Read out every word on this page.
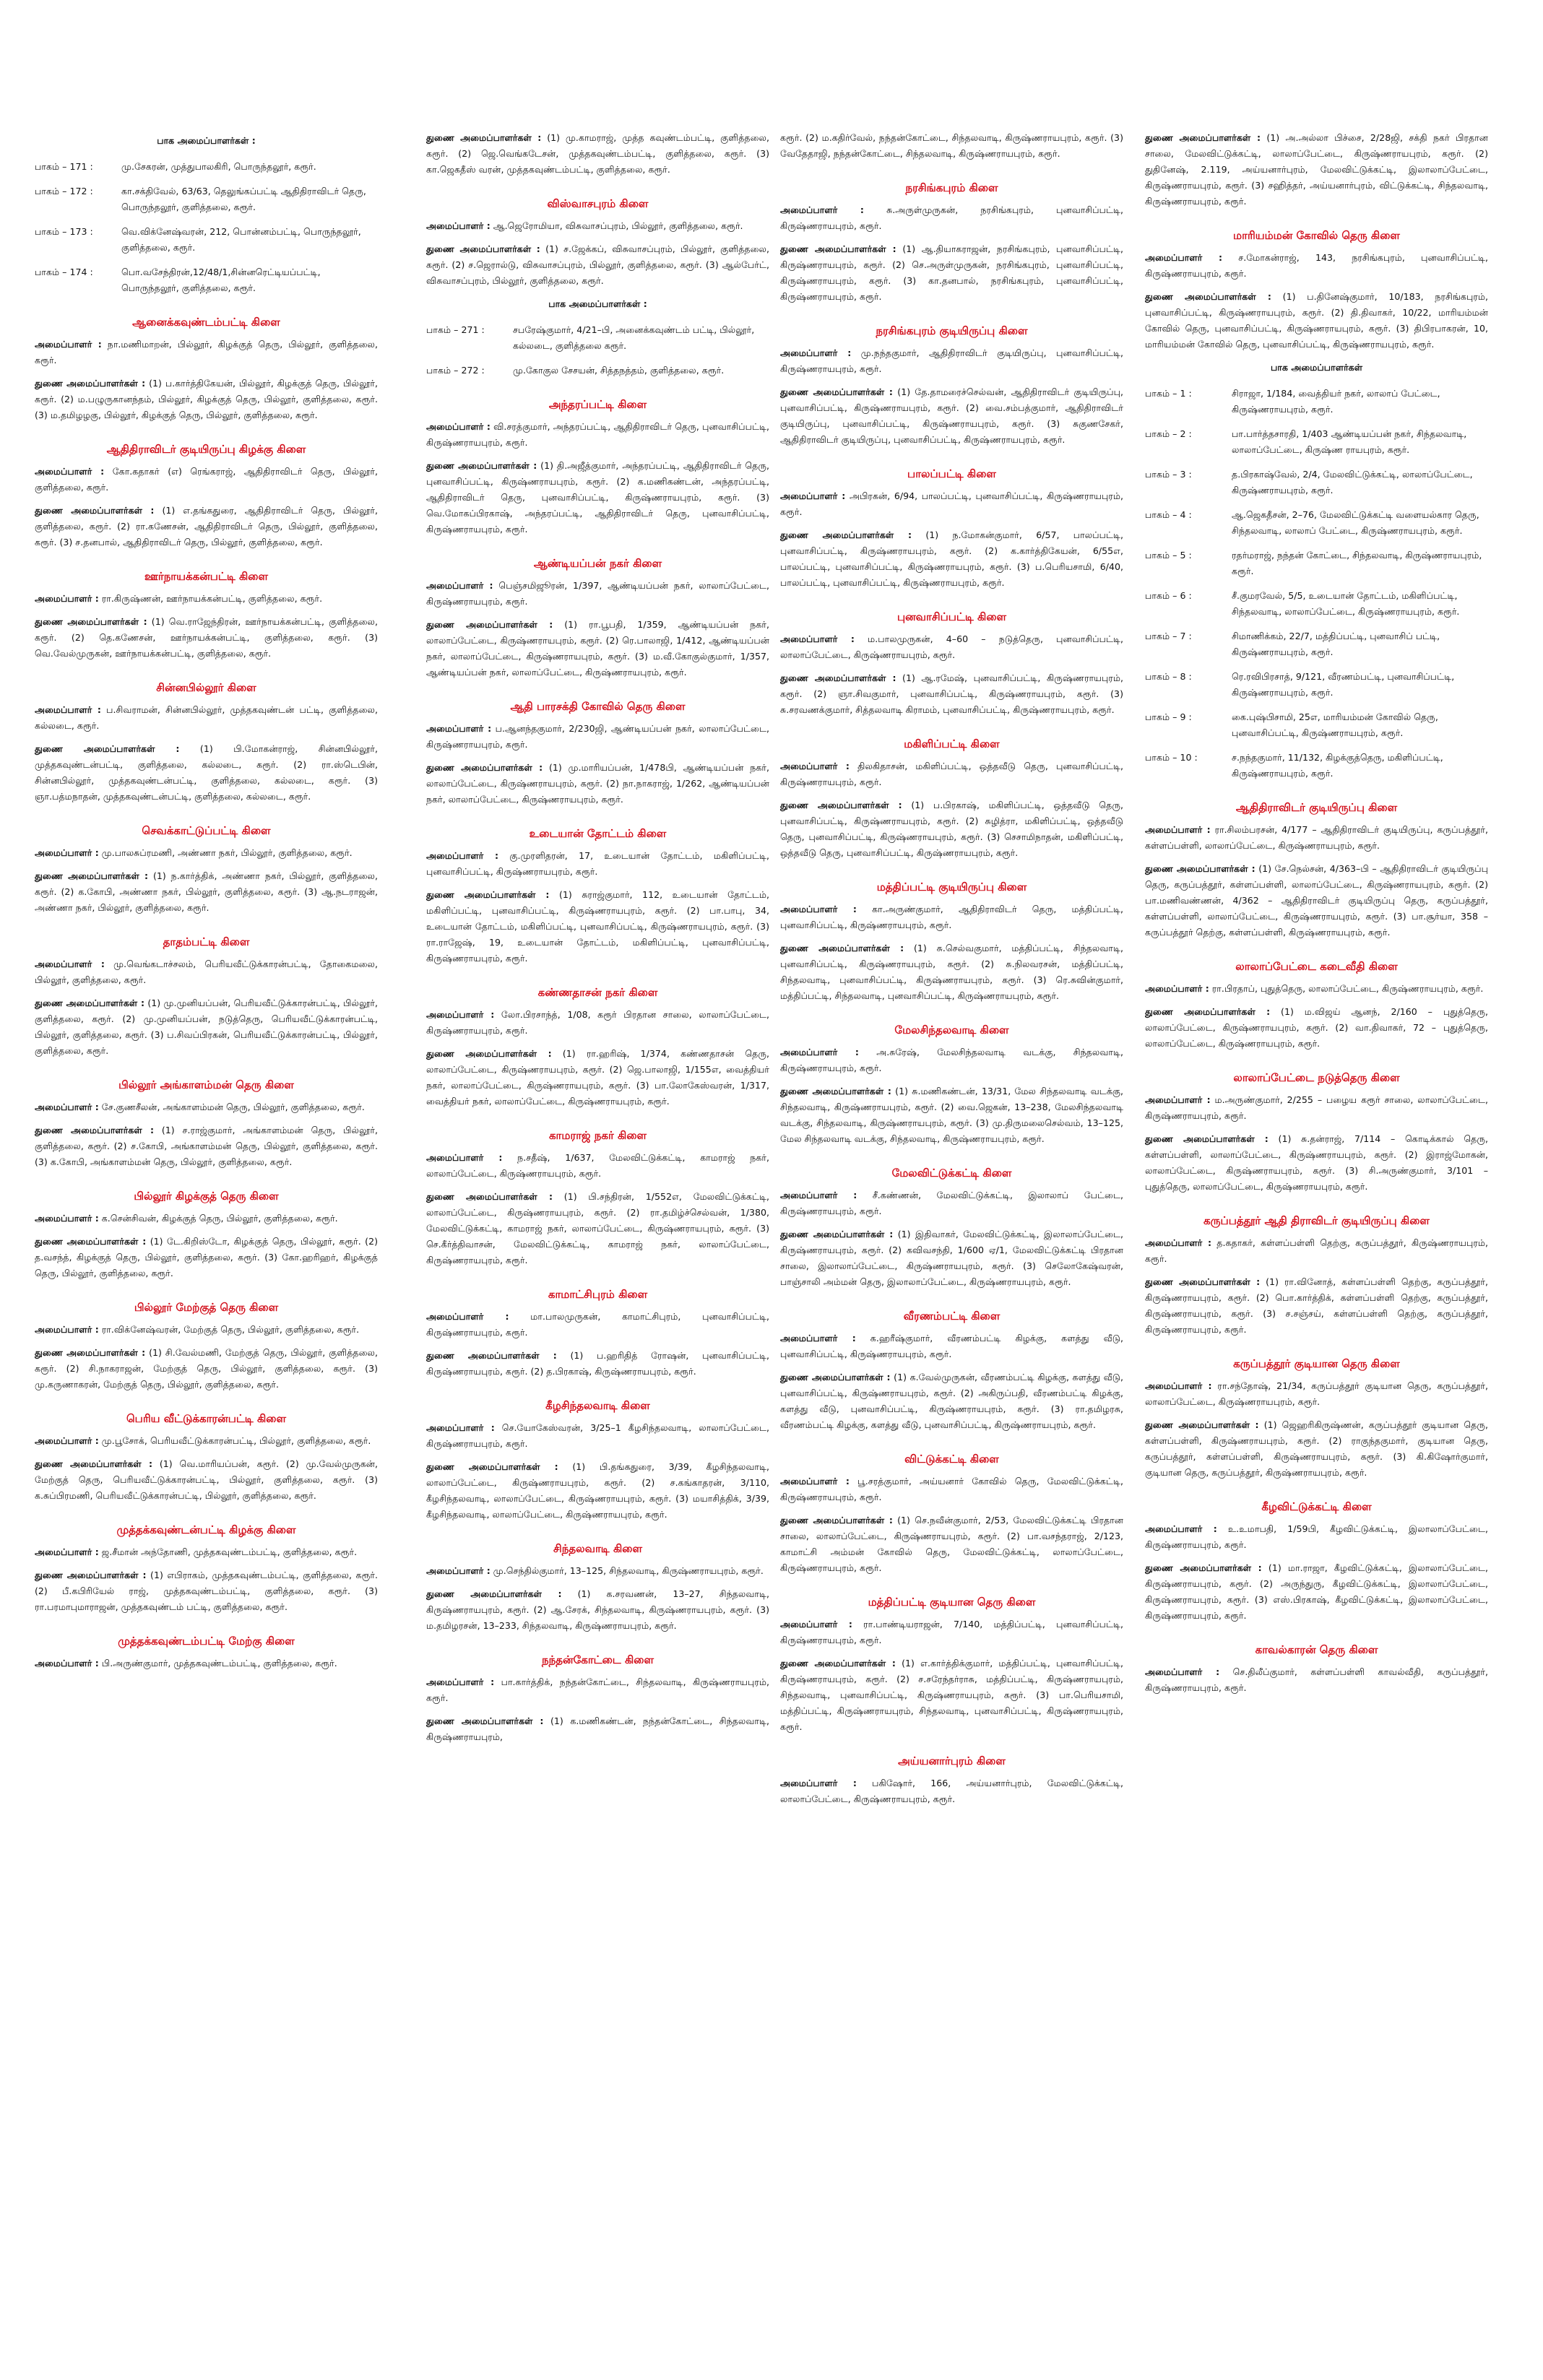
பாக அமைப்பாளர்கள் :
பாகம் – 171 :	மு.சேகரன், முத்துபாலகிரி, பொருந்தலூர், கரூர்.
பாகம் – 172 :	கா.சக்திவேல், 63/63, தெலுங்கப்பட்டி ஆதிதிராவிடர் தெரு, பொருந்தலூர், குளித்தலை, கரூர்.
பாகம் – 173 :	வெ.விக்னேஷ்வரன், 212, பொன்னம்பட்டி, பொருந்தலூர், குளித்தலை, கரூர்.
பாகம் – 174 :	பொ.வசேந்திரன்,12/48/1,சின்னரெட்டியப்பட்டி, பொருந்தலூர், குளித்தலை, கரூர்.
ஆனைக்கவுண்டம்பட்டி கிளை
அமைப்பாளர் : நா.மணிமாறன், பில்லூர், கிழக்குத் தெரு, பில்லூர், குளித்தலை, கரூர்.
துணை அமைப்பாளர்கள் : (1) ப.கார்த்திகேயன், பில்லூர், கிழக்குத் தெரு, பில்லூர், கரூர். (2) ம.பழுருகானந்தம், பில்லூர், கிழக்குத் தெரு, பில்லூர், குளித்தலை, கரூர். (3) ம.தமிழழகு, பில்லூர், கிழக்குத் தெரு, பில்லூர், குளித்தலை, கரூர்.
ஆதிதிராவிடர் குடியிருப்பு கிழக்கு கிளை
அமைப்பாளர் : கோ.கதாகர் (எ) ரெங்கராஜ், ஆதிதிராவிடர் தெரு, பில்லூர், குளித்தலை, கரூர்.
துணை அமைப்பாளர்கள் : (1) எ.தங்கதுரை, ஆதிதிராவிடர் தெரு, பில்லூர், குளித்தலை, கரூர். (2) ரா.கணேசன், ஆதிதிராவிடர் தெரு, பில்லூர், குளித்தலை, கரூர். (3) ச.தனபால், ஆதிதிராவிடர் தெரு, பில்லூர், குளித்தலை, கரூர்.
ஊர்நாயக்கன்பட்டி கிளை
அமைப்பாளர் : ரா.கிருஷ்ணன், ஊர்நாயக்கன்பட்டி, குளித்தலை, கரூர்.
துணை அமைப்பாளர்கள் : (1) வெ.ராஜேந்திரன், ஊர்நாயக்கன்பட்டி, குளித்தலை, கரூர். (2) தெ.கணேசன், ஊர்நாயக்கன்பட்டி, குளித்தலை, கரூர். (3) வெ.வேல்முருகன், ஊர்நாயக்கன்பட்டி, குளித்தலை, கரூர்.
சின்னபில்லூர் கிளை
அமைப்பாளர் : ப.சிவராமன், சின்னபில்லூர், முத்தகவுண்டன் பட்டி, குளித்தலை, கல்லடை, கரூர்.
துணை அமைப்பாளர்கள் : (1) பி.மோகன்ராஜ், சின்னபில்லூர், முத்தகவுண்டன்பட்டி, குளித்தலை, கல்லடை, கரூர். (2) ரா.ஸ்டெபின், சின்னபில்லூர், முத்தகவுண்டன்பட்டி, குளித்தலை, கல்லடை, கரூர். (3) ஞா.பத்மநாதன், முத்தகவுண்டன்பட்டி, குளித்தலை, கல்லடை, கரூர்.
செவக்காட்டுப்பட்டி கிளை
அமைப்பாளர் : மு.பாலசுப்ரமணி, அண்ணா நகர், பில்லூர், குளித்தலை, கரூர்.
துணை அமைப்பாளர்கள் : (1) ந.கார்த்திக், அண்ணா நகர், பில்லூர், குளித்தலை, கரூர். (2) க.கோபி, அண்ணா நகர், பில்லூர், குளித்தலை, கரூர். (3) ஆ.நடராஜன், அண்ணா நகர், பில்லூர், குளித்தலை, கரூர்.
தாதம்பட்டி கிளை
அமைப்பாளர் : மு.வெங்கடாச்சலம், பெரியவீட்டுக்காரன்பட்டி, தோகைமலை, பில்லூர், குளித்தலை, கரூர்.
துணை அமைப்பாளர்கள் : (1) மு.முனியப்பன், பெரியவீட்டுக்காரன்பட்டி, பில்லூர், குளித்தலை, கரூர். (2) மு.முனியப்பன், நடுத்தெரு, பெரியவீட்டுக்காரன்பட்டி, பில்லூர், குளித்தலை, கரூர். (3) ப.சிவப்பிரகன், பெரியவீட்டுக்காரன்பட்டி, பில்லூர், குளித்தலை, கரூர்.
பில்லூர் அங்காளம்மன் தெரு கிளை
அமைப்பாளர் : சே.குணசீலன், அங்காளம்மன் தெரு, பில்லூர், குளித்தலை, கரூர்.
துணை அமைப்பாளர்கள் : (1) ச.ராஜ்குமார், அங்காளம்மன் தெரு, பில்லூர், குளித்தலை, கரூர். (2) ச.கோபி, அங்காளம்மன் தெரு, பில்லூர், குளித்தலை, கரூர். (3) க.கோபி, அங்காளம்மன் தெரு, பில்லூர், குளித்தலை, கரூர்.
பில்லூர் கிழக்குத் தெரு கிளை
அமைப்பாளர் : க.சென்சிவன், கிழக்குத் தெரு, பில்லூர், குளித்தலை, கரூர்.
துணை அமைப்பாளர்கள் : (1) டே.கிறிஸ்டோ, கிழக்குத் தெரு, பில்லூர், கரூர். (2) த.வசந்த், கிழக்குத் தெரு, பில்லூர், குளித்தலை, கரூர். (3) கோ.ஹரிஹர், கிழக்குத் தெரு, பில்லூர், குளித்தலை, கரூர்.
பில்லூர் மேற்குத் தெரு கிளை
அமைப்பாளர் : ரா.விக்னேஷ்வரன், மேற்குத் தெரு, பில்லூர், குளித்தலை, கரூர்.
துணை அமைப்பாளர்கள் : (1) சி.வேல்மணி, மேற்குத் தெரு, பில்லூர், குளித்தலை, கரூர். (2) சி.நாகராஜன், மேற்குத் தெரு, பில்லூர், குளித்தலை, கரூர். (3) மு.கருணாகரன், மேற்குத் தெரு, பில்லூர், குளித்தலை, கரூர்.
பெரிய வீட்டுக்காரன்பட்டி கிளை
அமைப்பாளர் : மு.பூசோக், பெரியவீட்டுக்காரன்பட்டி, பில்லூர், குளித்தலை, கரூர்.
துணை அமைப்பாளர்கள் : (1) வெ.மாரியப்பன், கரூர். (2) மு.வேல்முருகன், மேற்குத் தெரு, பெரியவீட்டுக்காரன்பட்டி, பில்லூர், குளித்தலை, கரூர். (3) க.சுப்பிரமணி, பெரியவீட்டுக்காரன்பட்டி, பில்லூர், குளித்தலை, கரூர்.
முத்தக்கவுண்டன்பட்டி கிழக்கு கிளை
அமைப்பாளர் : ஜ.சீமான் அந்தோணி, முத்தகவுண்டம்பட்டி, குளித்தலை, கரூர்.
துணை அமைப்பாளர்கள் : (1) எபிராகம், முத்தகவுண்டம்பட்டி, குளித்தலை, கரூர். (2) பீ.கபிரியேல் ராஜ், முத்தகவுண்டம்பட்டி, குளித்தலை, கரூர். (3) ரா.பரமாபுமாராஜன், முத்தகவுண்டம் பட்டி, குளித்தலை, கரூர்.
முத்தக்கவுண்டம்பட்டி மேற்கு கிளை
அமைப்பாளர் : பி.அருண்குமார், முத்தகவுண்டம்பட்டி, குளித்தலை, கரூர்.
துணை அமைப்பாளர்கள் : (1) மு.காமராஜ், முத்த கவுண்டம்பட்டி, குளித்தலை, கரூர். (2) ஜெ.வெங்கடேசன், முத்தகவுண்டம்பட்டி, குளித்தலை, கரூர். (3) கா.ஜெகதீஸ் வரன், முத்தகவுண்டம்பட்டி, குளித்தலை, கரூர்.
விஸ்வாசபுரம் கிளை
அமைப்பாளர் : ஆ.ஜெரோமியா, விசுவாசப்புரம், பில்லூர், குளித்தலை, கரூர்.
துணை அமைப்பாளர்கள் : (1) ச.ஜேக்கப், விசுவாசப்புரம், பில்லூர், குளித்தலை, கரூர். (2) ச.ஜெரால்டு, விசுவாசப்புரம், பில்லூர், குளித்தலை, கரூர். (3) ஆல்பேர்ட், விசுவாசப்புரம், பில்லூர், குளித்தலை, கரூர்.
பாக அமைப்பாளர்கள் :
பாகம் – 271 :	சபரேஷ்குமார், 4/21–பி, அனைக்கவுண்டம் பட்டி, பில்லூர், கல்லடை, குளித்தலை கரூர்.
பாகம் – 272 :	மு.கோகுல சேசயன், சித்தநத்தம், குளித்தலை, கரூர்.
அந்தரப்பட்டி கிளை
அமைப்பாளர் : வி.சரத்குமார், அந்தரப்பட்டி, ஆதிதிராவிடர் தெரு, புனவாசிப்பட்டி, கிருஷ்ணராயபுரம், கரூர்.
துணை அமைப்பாளர்கள் : (1) தி.அஜீத்குமார், அந்தரப்பட்டி, ஆதிதிராவிடர் தெரு, புனவாசிப்பட்டி, கிருஷ்ணராயபுரம், கரூர். (2) க.மணிகண்டன், அந்தரப்பட்டி, ஆதிதிராவிடர் தெரு, புனவாசிப்பட்டி, கிருஷ்ணராயபுரம், கரூர். (3) வெ.மோகப்பிரகாஷ், அந்தரப்பட்டி, ஆதிதிராவிடர் தெரு, புனவாசிப்பட்டி, கிருஷ்ணராயபுரம், கரூர்.
ஆண்டியப்பன் நகர் கிளை
அமைப்பாளர் : பெஞ்சமிஜூரன், 1/397, ஆண்டியப்பன் நகர், லாலாப்பேட்டை, கிருஷ்ணராயபுரம், கரூர்.
துணை அமைப்பாளர்கள் : (1) ரா.பூபதி, 1/359, ஆண்டியப்பன் நகர், லாலாப்பேட்டை, கிருஷ்ணராயபுரம், கரூர். (2) ரெ.பாலாஜி, 1/412, ஆண்டியப்பன் நகர், லாலாப்பேட்டை, கிருஷ்ணராயபுரம், கரூர். (3) ம.வீ.கோகுல்குமார், 1/357, ஆண்டியப்பன் நகர், லாலாப்பேட்டை, கிருஷ்ணராயபுரம், கரூர்.
ஆதி பாரசக்தி கோவில் தெரு கிளை
அமைப்பாளர் : ப.ஆனந்தகுமார், 2/230ஜி, ஆண்டியப்பன் நகர், லாலாப்பேட்டை, கிருஷ்ணராயபுரம், கரூர்.
துணை அமைப்பாளர்கள் : (1) மு.மாரியப்பன், 1/478பி, ஆண்டியப்பன் நகர், லாலாப்பேட்டை, கிருஷ்ணராயபுரம், கரூர். (2) நா.நாகராஜ், 1/262, ஆண்டியப்பன் நகர், லாலாப்பேட்டை, கிருஷ்ணராயபுரம், கரூர்.
உடையான் தோட்டம் கிளை
அமைப்பாளர் : கு.முரளிதரன், 17, உடையான் தோட்டம், மகிளிப்பட்டி, புனவாசிப்பட்டி, கிருஷ்ணராயபுரம், கரூர்.
துணை அமைப்பாளர்கள் : (1) சுராஜ்குமார், 112, உடையான் தோட்டம், மகிளிப்பட்டி, புனவாசிப்பட்டி, கிருஷ்ணராயபுரம், கரூர். (2) பா.பாபு, 34, உடையான் தோட்டம், மகிளிப்பட்டி, புனவாசிப்பட்டி, கிருஷ்ணராயபுரம், கரூர். (3) ரா.ராஜேஷ், 19, உடையான் தோட்டம், மகிளிப்பட்டி, புனவாசிப்பட்டி, கிருஷ்ணராயபுரம், கரூர்.
கண்ணதாசன் நகர் கிளை
அமைப்பாளர் : லோ.பிரசாந்த், 1/08, கரூர் பிரதான சாலை, லாலாப்பேட்டை, கிருஷ்ணராயபுரம், கரூர்.
துணை அமைப்பாளர்கள் : (1) ரா.ஹரிஷ், 1/374, கண்ணதாசன் தெரு, லாலாப்பேட்டை, கிருஷ்ணராயபுரம், கரூர். (2) ஜெ.பாலாஜி, 1/155எ, வைத்தியர் நகர், லாலாப்பேட்டை, கிருஷ்ணராயபுரம், கரூர். (3) பா.லோகேஸ்வரன், 1/317, வைத்தியர் நகர், லாலாப்பேட்டை, கிருஷ்ணராயபுரம், கரூர்.
காமராஜ் நகர் கிளை
அமைப்பாளர் : ந.சதீஷ், 1/637, மேலவிட்டுக்கட்டி, காமராஜ் நகர், லாலாப்பேட்டை, கிருஷ்ணராயபுரம், கரூர்.
துணை அமைப்பாளர்கள் : (1) பி.சந்திரன், 1/552எ, மேலவிட்டுக்கட்டி, லாலாப்பேட்டை, கிருஷ்ணராயபுரம், கரூர். (2) ரா.தமிழ்ச்செல்வன், 1/380, மேலவிட்டுக்கட்டி, காமராஜ் நகர், லாலாப்பேட்டை, கிருஷ்ணராயபுரம், கரூர். (3) செ.கீர்த்திவாசன், மேலவிட்டுக்கட்டி, காமராஜ் நகர், லாலாப்பேட்டை, கிருஷ்ணராயபுரம், கரூர்.
காமாட்சிபுரம் கிளை
அமைப்பாளர் : மா.பாலமுருகன், காமாட்சிபுரம், புனவாசிப்பட்டி, கிருஷ்ணராயபுரம், கரூர்.
துணை அமைப்பாளர்கள் : (1) ப.ஹரிதித் ரோஷன், புனவாசிப்பட்டி, கிருஷ்ணராயபுரம், கரூர். (2) த.பிரகாஷ், கிருஷ்ணராயபுரம், கரூர்.
கீழசிந்தலவாடி கிளை
அமைப்பாளர் : செ.யோகேஸ்வரன், 3/25–1 கீழசிந்தலவாடி, லாலாப்பேட்டை, கிருஷ்ணராயபுரம், கரூர்.
துணை அமைப்பாளர்கள் : (1) பி.தங்கதுரை, 3/39, கீழசிந்தலவாடி, லாலாப்பேட்டை, கிருஷ்ணராயபுரம், கரூர். (2) ச.கங்காதரன், 3/110, கீழசிந்தலவாடி, லாலாப்பேட்டை, கிருஷ்ணராயபுரம், கரூர். (3) மயாசித்திக், 3/39, கீழசிந்தலவாடி, லாலாப்பேட்டை, கிருஷ்ணராயபுரம், கரூர்.
சிந்தலவாடி கிளை
அமைப்பாளர் : மு.செந்தில்குமார், 13–125, சிந்தலவாடி, கிருஷ்ணராயபுரம், கரூர்.
துணை அமைப்பாளர்கள் : (1) க.சரவணன், 13–27, சிந்தலவாடி, கிருஷ்ணராயபுரம், கரூர். (2) ஆ.சேரக், சிந்தலவாடி, கிருஷ்ணராயபுரம், கரூர். (3) ம.தமிழரசன், 13–233, சிந்தலவாடி, கிருஷ்ணராயபுரம், கரூர்.
நந்தன்கோட்டை கிளை
அமைப்பாளர் : பா.கார்த்திக், நந்தன்கோட்டை, சிந்தலவாடி, கிருஷ்ணராயபுரம், கரூர்.
துணை அமைப்பாளர்கள் : (1) க.மணிகண்டன், நந்தன்கோட்டை, சிந்தலவாடி, கிருஷ்ணராயபுரம்,
கரூர். (2) ம.கதிர்வேல், நந்தன்கோட்டை, சிந்தலவாடி, கிருஷ்ணராயபுரம், கரூர். (3) வேதேதாஜி, நந்தன்கோட்டை, சிந்தலவாடி, கிருஷ்ணராயபுரம், கரூர்.
நரசிங்கபுரம் கிளை
அமைப்பாளர் : சு.அருள்முருகன், நரசிங்கபுரம், புனவாசிப்பட்டி, கிருஷ்ணராயபுரம், கரூர்.
துணை அமைப்பாளர்கள் : (1) ஆ.தியாகராஜன், நரசிங்கபுரம், புனவாசிப்பட்டி, கிருஷ்ணராயபுரம், கரூர். (2) செ.அருள்முருகன், நரசிங்கபுரம், புனவாசிப்பட்டி, கிருஷ்ணராயபுரம், கரூர். (3) கா.தனபால், நரசிங்கபுரம், புனவாசிப்பட்டி, கிருஷ்ணராயபுரம், கரூர்.
நரசிங்கபுரம் குடியிருப்பு கிளை
அமைப்பாளர் : மு.நந்தகுமார், ஆதிதிராவிடர் குடியிருப்பு, புனவாசிப்பட்டி, கிருஷ்ணராயபுரம், கரூர்.
துணை அமைப்பாளர்கள் : (1) தே.தாமரைச்செல்வன், ஆதிதிராவிடர் குடியிருப்பு, புனவாசிப்பட்டி, கிருஷ்ணராயபுரம், கரூர். (2) வை.சம்பத்குமார், ஆதிதிராவிடர் குடியிருப்பு, புனவாசிப்பட்டி, கிருஷ்ணராயபுரம், கரூர். (3) சுகுணசேகர், ஆதிதிராவிடர் குடியிருப்பு, புனவாசிப்பட்டி, கிருஷ்ணராயபுரம், கரூர்.
பாலப்பட்டி கிளை
அமைப்பாளர் : அபிரகன், 6/94, பாலப்பட்டி, புனவாசிப்பட்டி, கிருஷ்ணராயபுரம், கரூர்.
துணை அமைப்பாளர்கள் : (1) ந.மோகன்குமார், 6/57, பாலப்பட்டி, புனவாசிப்பட்டி, கிருஷ்ணராயபுரம், கரூர். (2) க.கார்த்திகேயன், 6/55எ, பாலப்பட்டி, புனவாசிப்பட்டி, கிருஷ்ணராயபுரம், கரூர். (3) ப.பெரியசாமி, 6/40, பாலப்பட்டி, புனவாசிப்பட்டி, கிருஷ்ணராயபுரம், கரூர்.
புனவாசிப்பட்டி கிளை
அமைப்பாளர் : ம.பாலமுருகன், 4–60 – நடுத்தெரு, புனவாசிப்பட்டி, லாலாப்பேட்டை, கிருஷ்ணராயபுரம், கரூர்.
துணை அமைப்பாளர்கள் : (1) ஆ.ரமேஷ், புனவாசிப்பட்டி, கிருஷ்ணராயபுரம், கரூர். (2) ஞா.சிவகுமார், புனவாசிப்பட்டி, கிருஷ்ணராயபுரம், கரூர். (3) சு.சரவணக்குமார், சித்தலவாடி கிராமம், புனவாசிப்பட்டி, கிருஷ்ணராயபுரம், கரூர்.
மகிளிப்பட்டி கிளை
அமைப்பாளர் : திலகிதாசன், மகிளிப்பட்டி, ஒத்தவீடு தெரு, புனவாசிப்பட்டி, கிருஷ்ணராயபுரம், கரூர்.
துணை அமைப்பாளர்கள் : (1) ப.பிரகாஷ், மகிளிப்பட்டி, ஒத்தவீடு தெரு, புனவாசிப்பட்டி, கிருஷ்ணராயபுரம், கரூர். (2) சுழித்ரா, மகிளிப்பட்டி, ஒத்தவீடு தெரு, புனவாசிப்பட்டி, கிருஷ்ணராயபுரம், கரூர். (3) செசாமிநாதன், மகிளிப்பட்டி, ஒத்தவீடு தெரு, புனவாசிப்பட்டி, கிருஷ்ணராயபுரம், கரூர்.
மத்திப்பட்டி குடியிருப்பு கிளை
அமைப்பாளர் : கா.அருண்குமார், ஆதிதிராவிடர் தெரு, மத்திப்பட்டி, புனவாசிப்பட்டி, கிருஷ்ணராயபுரம், கரூர்.
துணை அமைப்பாளர்கள் : (1) சு.செல்வகுமார், மத்திப்பட்டி, சிந்தலவாடி, புனவாசிப்பட்டி, கிருஷ்ணராயபுரம், கரூர். (2) சு.நிலவரசன், மத்திப்பட்டி, சிந்தலவாடி, புனவாசிப்பட்டி, கிருஷ்ணராயபுரம், கரூர். (3) ரெ.சுவின்குமார், மத்திப்பட்டி, சிந்தலவாடி, புனவாசிப்பட்டி, கிருஷ்ணராயபுரம், கரூர்.
மேலசிந்தலவாடி கிளை
அமைப்பாளர் : அ.சுரேஷ், மேலசிந்தலவாடி வடக்கு, சிந்தலவாடி, கிருஷ்ணராயபுரம், கரூர்.
துணை அமைப்பாளர்கள் : (1) சு.மணிகண்டன், 13/31, மேல சிந்தலவாடி வடக்கு, சிந்தலவாடி, கிருஷ்ணராயபுரம், கரூர். (2) வை.ஜெகன், 13–238, மேலசிந்தலவாடி வடக்கு, சிந்தலவாடி, கிருஷ்ணராயபுரம், கரூர். (3) மு.திருமலைசெல்வம், 13–125, மேல சிந்தலவாடி வடக்கு, சிந்தலவாடி, கிருஷ்ணராயபுரம், கரூர்.
மேலவிட்டுக்கட்டி கிளை
அமைப்பாளர் : சீ.கண்ணன், மேலவிட்டுக்கட்டி, இலாலாப் பேட்டை, கிருஷ்ணராயபுரம், கரூர்.
துணை அமைப்பாளர்கள் : (1) இதிவாகர், மேலவிட்டுக்கட்டி, இலாலாப்பேட்டை, கிருஷ்ணராயபுரம், கரூர். (2) கவிவசந்தி, 1/600 ஏ/1, மேலவிட்டுக்கட்டி பிரதான சாலை, இலாலாப்பேட்டை, கிருஷ்ணராயபுரம், கரூர். (3) செலோகேஷ்வரன், பாஞ்சாலி அம்மன் தெரு, இலாலாப்பேட்டை, கிருஷ்ணராயபுரம், கரூர்.
வீரணம்பட்டி கிளை
அமைப்பாளர் : க.ஹரீஷ்குமார், வீரணம்பட்டி கிழக்கு, களத்து வீடு, புனவாசிப்பட்டி, கிருஷ்ணராயபுரம், கரூர்.
துணை அமைப்பாளர்கள் : (1) க.வேல்முருகன், வீரணம்பட்டி கிழக்கு, களத்து வீடு, புனவாசிப்பட்டி, கிருஷ்ணராயபுரம், கரூர். (2) அகிருப்பதி, வீரணம்பட்டி கிழக்கு, களத்து வீடு, புனவாசிப்பட்டி, கிருஷ்ணராயபுரம், கரூர். (3) ரா.தமிழரசு, வீரணம்பட்டி கிழக்கு, களத்து வீடு, புனவாசிப்பட்டி, கிருஷ்ணராயபுரம், கரூர்.
விட்டுக்கட்டி கிளை
அமைப்பாளர் : பூ.சரத்குமார், அய்யனார் கோவில் தெரு, மேலவிட்டுக்கட்டி, கிருஷ்ணராயபுரம், கரூர்.
துணை அமைப்பாளர்கள் : (1) செ.நவீன்குமார், 2/53, மேலவிட்டுக்கட்டி பிரதான சாலை, லாலாப்பேட்டை, கிருஷ்ணராயபுரம், கரூர். (2) பா.வசந்தராஜ், 2/123, காமாட்சி அம்மன் கோவில் தெரு, மேலவிட்டுக்கட்டி, லாலாப்பேட்டை, கிருஷ்ணராயபுரம், கரூர்.
மத்திப்பட்டி குடியான தெரு கிளை
அமைப்பாளர் : ரா.பாண்டியராஜன், 7/140, மத்திப்பட்டி, புனவாசிப்பட்டி, கிருஷ்ணராயபுரம், கரூர்.
துணை அமைப்பாளர்கள் : (1) எ.கார்த்திக்குமார், மத்திப்பட்டி, புனவாசிப்பட்டி, கிருஷ்ணராயபுரம், கரூர். (2) ச.சரேந்தர்ராசு, மத்திப்பட்டி, கிருஷ்ணராயபுரம், சிந்தலவாடி, புனவாசிப்பட்டி, கிருஷ்ணராயபுரம், கரூர். (3) பா.பெரியசாமி, மத்திப்பட்டி, கிருஷ்ணராயபுரம், சிந்தலவாடி, புனவாசிப்பட்டி, கிருஷ்ணராயபுரம், கரூர்.
அய்யனார்புரம் கிளை
அமைப்பாளர் : பகிஷோர், 166, அய்யனார்புரம், மேலவிட்டுக்கட்டி, லாலாப்பேட்டை, கிருஷ்ணராயபுரம், கரூர்.
துணை அமைப்பாளர்கள் : (1) அ.அல்லா பிச்சை, 2/28ஜி, சக்தி நகர் பிரதான சாலை, மேலவிட்டுக்கட்டி, லாலாப்பேட்டை, கிருஷ்ணராயபுரம், கரூர். (2) துதினேஷ், 2.119, அய்யனார்புரம், மேலவிட்டுக்கட்டி, இலாலாப்பேட்டை, கிருஷ்ணராயபுரம், கரூர். (3) சஹித்தர், அய்யனார்புரம், விட்டுக்கட்டி, சிந்தலவாடி, கிருஷ்ணராயபுரம், கரூர்.
மாரியம்மன் கோவில் தெரு கிளை
அமைப்பாளர் : ச.மோகன்ராஜ், 143, நரசிங்கபுரம், புனவாசிப்பட்டி, கிருஷ்ணராயபுரம், கரூர்.
துணை அமைப்பாளர்கள் : (1) ப.தினேஷ்குமார், 10/183, நரசிங்கபுரம், புனவாசிப்பட்டி, கிருஷ்ணராயபுரம், கரூர். (2) தி.திவாகர், 10/22, மாரியம்மன் கோவில் தெரு, புனவாசிப்பட்டி, கிருஷ்ணராயபுரம், கரூர். (3) திபிரபாகரன், 10, மாரியம்மன் கோவில் தெரு, புனவாசிப்பட்டி, கிருஷ்ணராயபுரம், கரூர்.
பாக அமைப்பாளர்கள்
பாகம் – 1 :	சிராஜா, 1/184, வைத்தியர் நகர், லாலாப் பேட்டை, கிருஷ்ணராயபுரம், கரூர்.
பாகம் – 2 :	பா.பார்த்தசாரதி, 1/403 ஆண்டியப்பன் நகர், சிந்தலவாடி, லாலாப்பேட்டை, கிருஷ்ண ராயபுரம், கரூர்.
பாகம் – 3 :	த.பிரகாஷ்வேல், 2/4, மேலவிட்டுக்கட்டி, லாலாப்பேட்டை, கிருஷ்ணராயபுரம், கரூர்.
பாகம் – 4 :	ஆ.ஜெகதீசன், 2–76, மேலவிட்டுக்கட்டி வளையல்கார தெரு, சிந்தலவாடி, லாலாப் பேட்டை, கிருஷ்ணராயபுரம், கரூர்.
பாகம் – 5 :	ரதர்மராஜ், நந்தன் கோட்டை, சிந்தலவாடி, கிருஷ்ணராயபுரம், கரூர்.
பாகம் – 6 :	சீ.குமரவேல், 5/5, உடையான் தோட்டம், மகிளிப்பட்டி, சிந்தலவாடி, லாலாப்பேட்டை, கிருஷ்ணராயபுரம், கரூர்.
பாகம் – 7 :	சிமாணிக்கம், 22/7, மத்திப்பட்டி, புனவாசிப் பட்டி, கிருஷ்ணராயபுரம், கரூர்.
பாகம் – 8 :	ரெ.ரவிபிரசாத், 9/121, வீரணம்பட்டி, புனவாசிப்பட்டி, கிருஷ்ணராயபுரம், கரூர்.
பாகம் – 9 :	கை.புஷ்பிசாமி, 25எ, மாரியம்மன் கோவில் தெரு, புனவாசிப்பட்டி, கிருஷ்ணராயபுரம், கரூர்.
பாகம் – 10 :	ச.நந்தகுமார், 11/132, கிழக்குத்தெரு, மகிளிப்பட்டி, கிருஷ்ணராயபுரம், கரூர்.
ஆதிதிராவிடர் குடியிருப்பு கிளை
அமைப்பாளர் : ரா.சிலம்பரசன், 4/177 – ஆதிதிராவிடர் குடியிருப்பு, கருப்பத்தூர், கள்ளப்பள்ளி, லாலாப்பேட்டை, கிருஷ்ணராயபுரம், கரூர்.
துணை அமைப்பாளர்கள் : (1) சே.நெல்சன், 4/363–பி – ஆதிதிராவிடர் குடியிருப்பு தெரு, கருப்பத்தூர், கள்ளப்பள்ளி, லாலாப்பேட்டை, கிருஷ்ணராயபுரம், கரூர். (2) பா.மணிவண்ணன், 4/362 – ஆதிதிராவிடர் குடியிருப்பு தெரு, கருப்பத்தூர், கள்ளப்பள்ளி, லாலாப்பேட்டை, கிருஷ்ணராயபுரம், கரூர். (3) பா.சூர்யா, 358 – கருப்பத்தூர் தெற்கு, கள்ளப்பள்ளி, கிருஷ்ணராயபுரம், கரூர்.
லாலாப்பேட்டை கடைவீதி கிளை
அமைப்பாளர் : ரா.பிரதாப், புதுத்தெரு, லாலாப்பேட்டை, கிருஷ்ணராயபுரம், கரூர்.
துணை அமைப்பாளர்கள் : (1) ம.விஜய் ஆனந், 2/160 – புதுத்தெரு, லாலாப்பேட்டை, கிருஷ்ணராயபுரம், கரூர். (2) வா.திவாகர், 72 – புதுத்தெரு, லாலாப்பேட்டை, கிருஷ்ணராயபுரம், கரூர்.
லாலாப்பேட்டை நடுத்தெரு கிளை
அமைப்பாளர் : ம.அருண்குமார், 2/255 – பழைய கரூர் சாலை, லாலாப்பேட்டை, கிருஷ்ணராயபுரம், கரூர்.
துணை அமைப்பாளர்கள் : (1) சு.தன்ராஜ், 7/114 – கொடிக்கால் தெரு, கள்ளப்பள்ளி, லாலாப்பேட்டை, கிருஷ்ணராயபுரம், கரூர். (2) இராஜ்மோகன், லாலாப்பேட்டை, கிருஷ்ணராயபுரம், கரூர். (3) சி.அருண்குமார், 3/101 – புதுத்தெரு, லாலாப்பேட்டை, கிருஷ்ணராயபுரம், கரூர்.
கருப்பத்தூர் ஆதி திராவிடர் குடியிருப்பு கிளை
அமைப்பாளர் : த.கதாகர், கள்ளப்பள்ளி தெற்கு, கருப்பத்தூர், கிருஷ்ணராயபுரம், கரூர்.
துணை அமைப்பாளர்கள் : (1) ரா.வினோத், கள்ளப்பள்ளி தெற்கு, கருப்பத்தூர், கிருஷ்ணராயபுரம், கரூர். (2) பொ.கார்த்திக், கள்ளப்பள்ளி தெற்கு, கருப்பத்தூர், கிருஷ்ணராயபுரம், கரூர். (3) ச.சஞ்சய், கள்ளப்பள்ளி தெற்கு, கருப்பத்தூர், கிருஷ்ணராயபுரம், கரூர்.
கருப்பத்தூர் குடியான தெரு கிளை
அமைப்பாளர் : ரா.சந்தோஷ், 21/34, கருப்பத்தூர் குடியான தெரு, கருப்பத்தூர், லாலாப்பேட்டை, கிருஷ்ணராயபுரம், கரூர்.
துணை அமைப்பாளர்கள் : (1) ஜெஹரிகிருஷ்ணன், கருப்பத்தூர் குடியான தெரு, கள்ளப்பள்ளி, கிருஷ்ணராயபுரம், கரூர். (2) ராகுந்தகுமார், குடியான தெரு, கருப்பத்தூர், கள்ளப்பள்ளி, கிருஷ்ணராயபுரம், கரூர். (3) கி.கிஷோர்குமார், குடியான தெரு, கருப்பத்தூர், கிருஷ்ணராயபுரம், கரூர்.
கீழவிட்டுக்கட்டி கிளை
அமைப்பாளர் : உ.உமாபதி, 1/59பி, கீழவிட்டுக்கட்டி, இலாலாப்பேட்டை, கிருஷ்ணராயபுரம், கரூர்.
துணை அமைப்பாளர்கள் : (1) மா.ராஜா, கீழவிட்டுக்கட்டி, இலாலாப்பேட்டை, கிருஷ்ணராயபுரம், கரூர். (2) அருந்துரு, கீழவிட்டுக்கட்டி, இலாலாப்பேட்டை, கிருஷ்ணராயபுரம், கரூர். (3) எஸ்.பிரகாஷ், கீழவிட்டுக்கட்டி, இலாலாப்பேட்டை, கிருஷ்ணராயபுரம், கரூர்.
காவல்காரன் தெரு கிளை
அமைப்பாளர் : செ.திலீப்குமார், கள்ளப்பள்ளி காவல்வீதி, கருப்பத்தூர், கிருஷ்ணராயபுரம், கரூர்.
